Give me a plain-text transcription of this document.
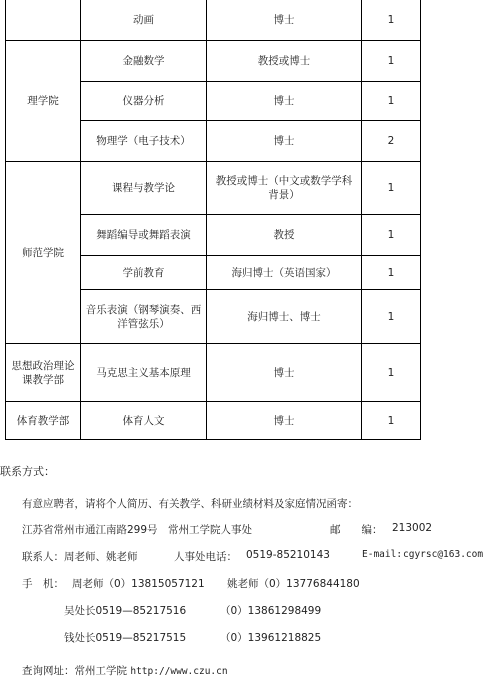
	动画	博士	1
理学院	金融数学	教授或博士	1
	仪器分析	博士	1
	物理学（电子技术）	博士	2
师范学院	课程与教学论	教授或博士（中文或数学学科背景）	1
	舞蹈编导或舞蹈表演	教授	1
	学前教育	海归博士（英语国家）	1
	音乐表演（钢琴演奏、西洋管弦乐）	海归博士、博士	1
思想政治理论课教学部	马克思主义基本原理	博士	1
体育教学部	体育人文	博士	1
联系方式：
有意应聘者，请将个人简历、有关教学、科研业绩材料及家庭情况函寄：
江苏省常州市通江南路299号　常州工学院人事处	邮　　编： 213002
联系人：周老师、姚老师	人事处电话： 0519-85210143	E-mail: cgyrsc@163.com
手　机： 周老师（0）13815057121 姚老师（0）13776844180
吴处长0519—85217516	（0）13861298499
钱处长0519—85217515	（0）13961218825
查询网址：常州工学院 http://www.czu.cn
